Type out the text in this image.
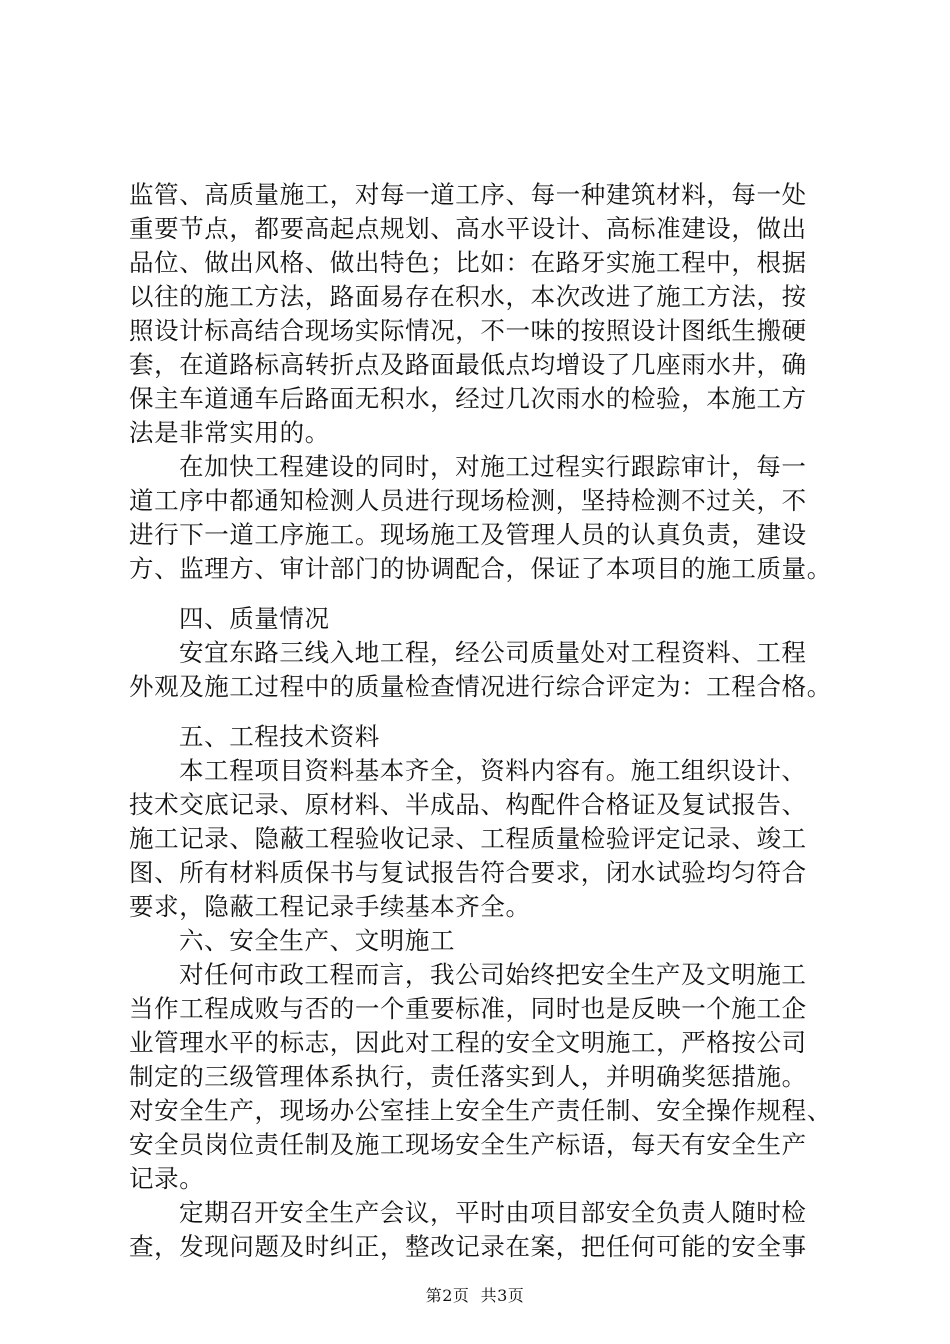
监管、高质量施工，对每一道工序、每一种建筑材料，每一处
重要节点，都要高起点规划、高水平设计、高标准建设，做出
品位、做出风格、做出特色；比如：在路牙实施工程中，根据
以往的施工方法，路面易存在积水，本次改进了施工方法，按
照设计标高结合现场实际情况，不一味的按照设计图纸生搬硬
套，在道路标高转折点及路面最低点均增设了几座雨水井，确
保主车道通车后路面无积水，经过几次雨水的检验，本施工方
法是非常实用的。
在加快工程建设的同时，对施工过程实行跟踪审计，每一
道工序中都通知检测人员进行现场检测，坚持检测不过关，不
进行下一道工序施工。现场施工及管理人员的认真负责，建设
方、监理方、审计部门的协调配合，保证了本项目的施工质量。
四、质量情况
安宜东路三线入地工程，经公司质量处对工程资料、工程
外观及施工过程中的质量检查情况进行综合评定为：工程合格。
五、工程技术资料
本工程项目资料基本齐全，资料内容有。施工组织设计、
技术交底记录、原材料、半成品、构配件合格证及复试报告、
施工记录、隐蔽工程验收记录、工程质量检验评定记录、竣工
图、所有材料质保书与复试报告符合要求，闭水试验均匀符合
要求，隐蔽工程记录手续基本齐全。
六、安全生产、文明施工
对任何市政工程而言，我公司始终把安全生产及文明施工
当作工程成败与否的一个重要标准，同时也是反映一个施工企
业管理水平的标志，因此对工程的安全文明施工，严格按公司
制定的三级管理体系执行，责任落实到人，并明确奖惩措施。
对安全生产，现场办公室挂上安全生产责任制、安全操作规程、
安全员岗位责任制及施工现场安全生产标语，每天有安全生产
记录。
定期召开安全生产会议，平时由项目部安全负责人随时检
查，发现问题及时纠正，整改记录在案，把任何可能的安全事
第2页  共3页
